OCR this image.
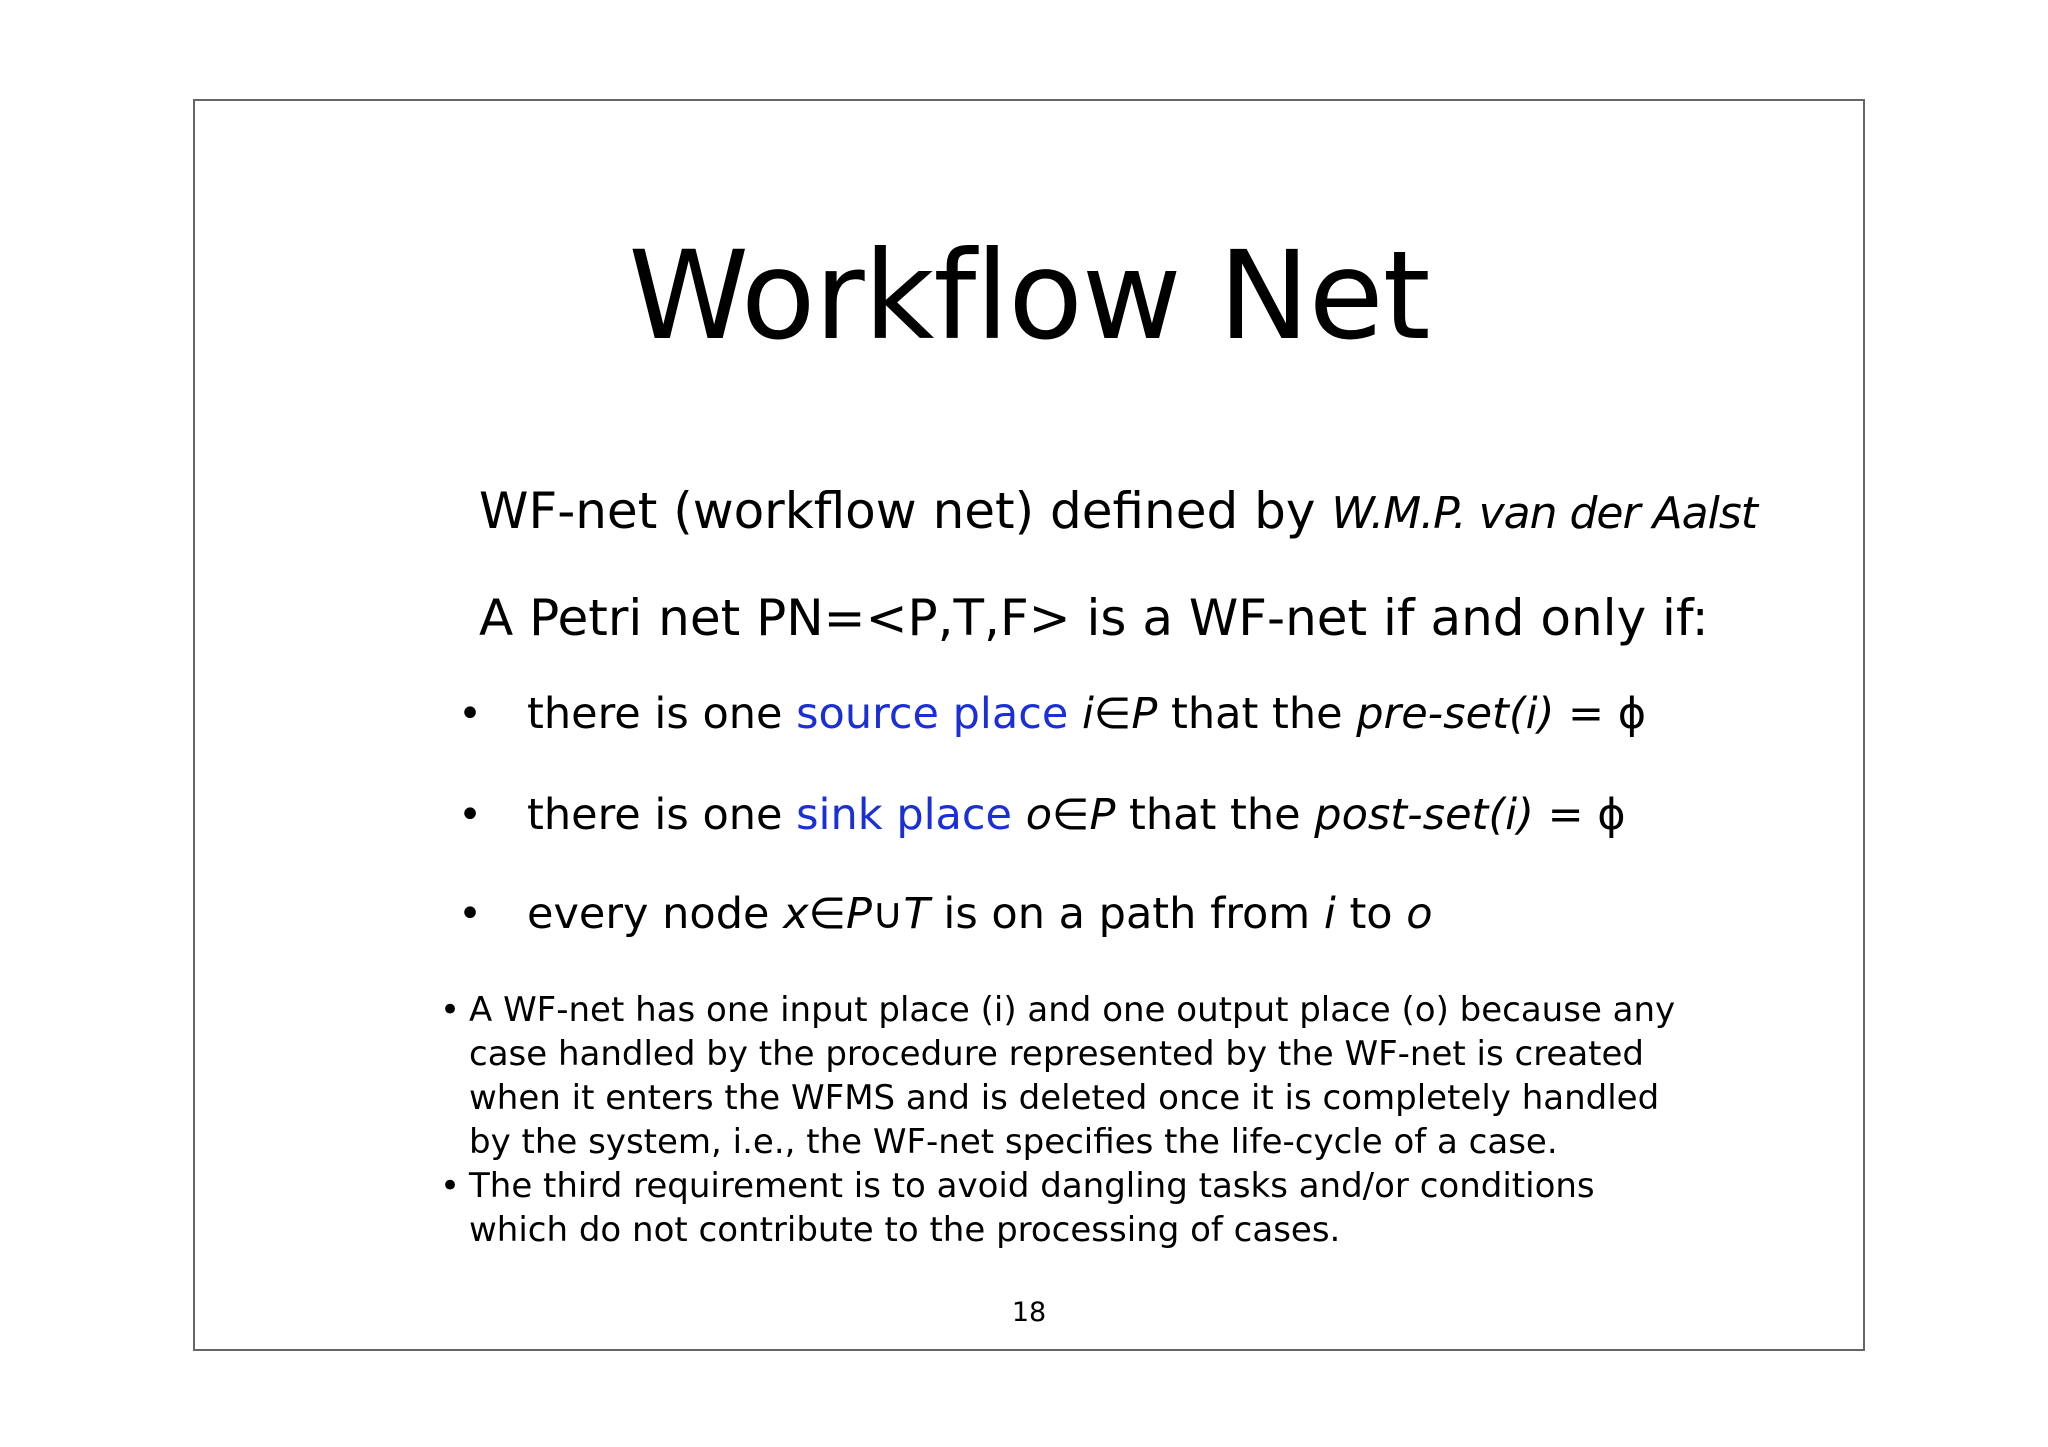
Workflow Net
WF-net (workflow net) defined by W.M.P. van der Aalst
A Petri net PN=<P,T,F> is a WF-net if and only if:
• there is one source place i∈P that the pre-set(i) = ϕ
• there is one sink place o∈P that the post-set(i) = ϕ
• every node x∈P∪T is on a path from i to o
• A WF-net has one input place (i) and one output place (o) because any
case handled by the procedure represented by the WF-net is created
when it enters the WFMS and is deleted once it is completely handled
by the system, i.e., the WF-net specifies the life-cycle of a case.
• The third requirement is to avoid dangling tasks and/or conditions
which do not contribute to the processing of cases.
18
